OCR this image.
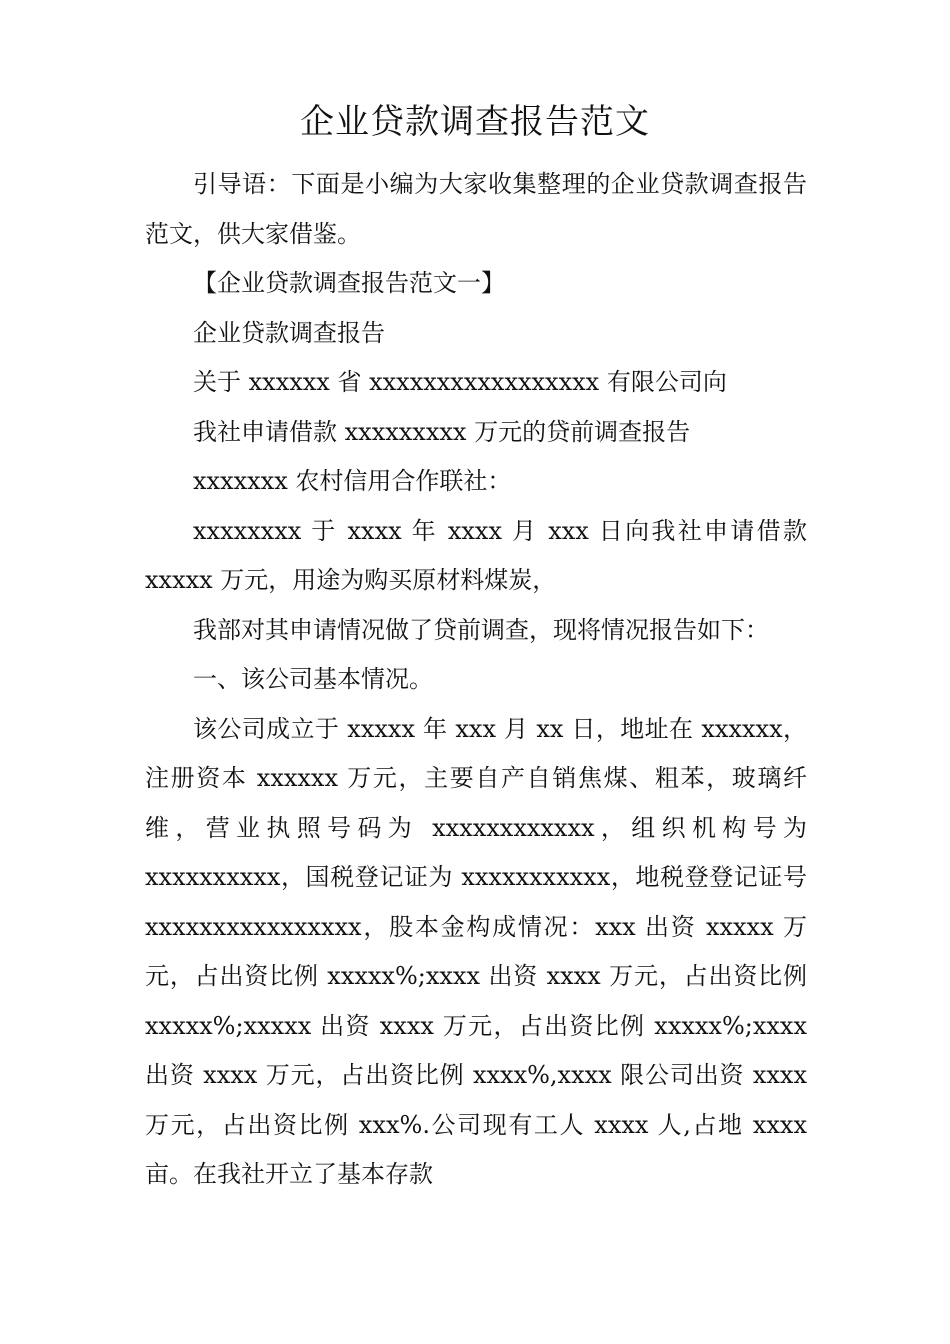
企业贷款调查报告范文

引导语：下面是小编为大家收集整理的企业贷款调查报告范文，供大家借鉴。

【企业贷款调查报告范文一】

企业贷款调查报告

关于 xxxxxx 省 xxxxxxxxxxxxxxxxx 有限公司向

我社申请借款 xxxxxxxxx 万元的贷前调查报告

xxxxxxx 农村信用合作联社：

xxxxxxxx 于 xxxx 年 xxxx 月 xxx 日向我社申请借款 xxxxx 万元，用途为购买原材料煤炭，

我部对其申请情况做了贷前调查，现将情况报告如下：

一、该公司基本情况。

该公司成立于 xxxxx 年 xxx 月 xx 日，地址在 xxxxxx，注册资本 xxxxxx 万元，主要自产自销焦煤、粗苯，玻璃纤维，营业执照号码为 xxxxxxxxxxxx，组织机构号为 xxxxxxxxxx，国税登记证为 xxxxxxxxxxx，地税登登记证号 xxxxxxxxxxxxxxxx，股本金构成情况：xxx 出资 xxxxx 万元，占出资比例 xxxxx%;xxxx 出资 xxxx 万元，占出资比例 xxxxx%;xxxxx 出资 xxxx 万元，占出资比例 xxxxx%;xxxx 出资 xxxx 万元，占出资比例 xxxx%,xxxx 限公司出资 xxxx 万元，占出资比例 xxx%.公司现有工人 xxxx 人,占地 xxxx 亩。在我社开立了基本存款
